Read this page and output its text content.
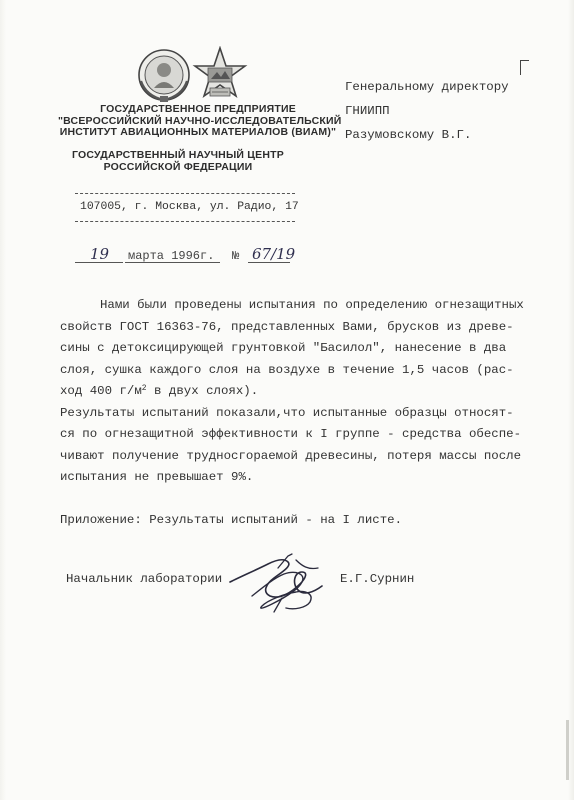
ГОСУДАРСТВЕННОЕ ПРЕДПРИЯТИЕ
"ВСЕРОССИЙСКИЙ НАУЧНО-ИССЛЕДОВАТЕЛЬСКИЙ
ИНСТИТУТ АВИАЦИОННЫХ МАТЕРИАЛОВ (ВИАМ)"
ГОСУДАРСТВЕННЫЙ НАУЧНЫЙ ЦЕНТР
РОССИЙСКОЙ ФЕДЕРАЦИИ
Генеральному директору
ГНИИПП
Разумовскому В.Г.
107005, г. Москва, ул. Радио, 17
19 марта 1996г. № 67/19
Нами были проведены испытания по определению огнезащитных
свойств ГОСТ 16363-76, представленных Вами, брусков из древе-
сины с детоксицирующей грунтовкой "Басилол", нанесение в два
слоя, сушка каждого слоя на воздухе в течение 1,5 часов (рас-
ход 400 $г/м^2$ в двух слоях).
Результаты испытаний показали,что испытанные образцы относят-
ся по огнезащитной эффективности к I группе - средства обеспе-
чивают получение трудносгораемой древесины, потеря массы после
испытания не превышает 9%.
Приложение: Результаты испытаний - на I листе.
Начальник лаборатории	Е.Г.Сурнин
